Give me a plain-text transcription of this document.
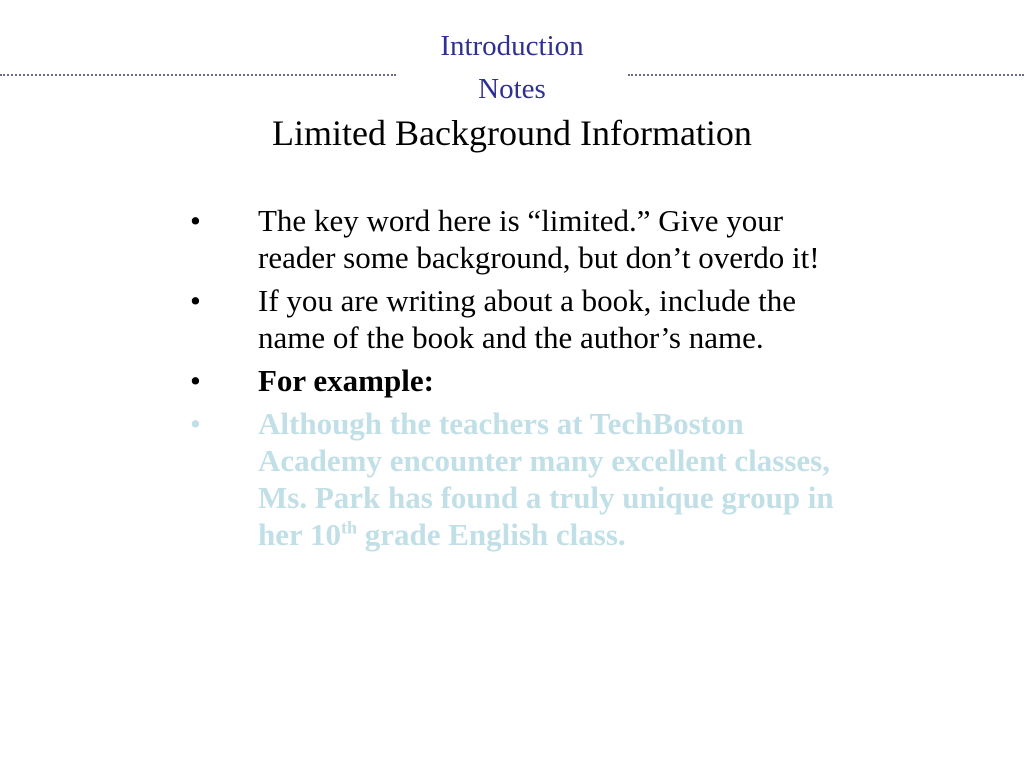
Introduction
Notes
Limited Background Information
• The key word here is “limited.” Give your reader some background, but don’t overdo it!
• If you are writing about a book, include the name of the book and the author’s name.
• For example:
• Although the teachers at TechBoston Academy encounter many excellent classes, Ms. Park has found a truly unique group in her 10th grade English class.
